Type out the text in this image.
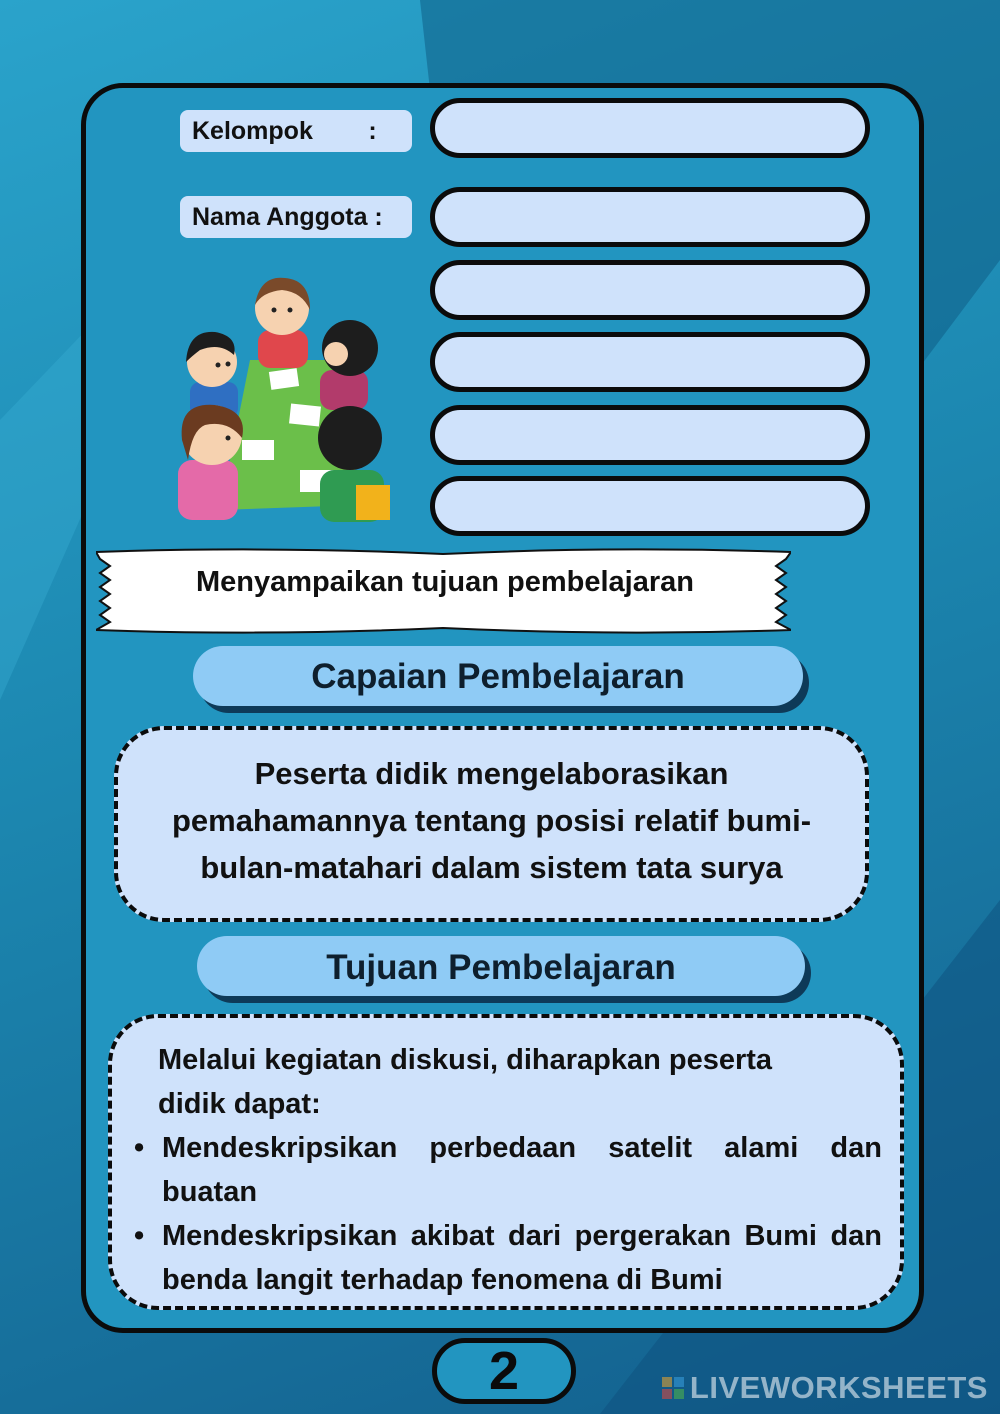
Kelompok        :
Nama Anggota :
Menyampaikan tujuan pembelajaran
Capaian Pembelajaran
Peserta didik mengelaborasikan
pemahamannya tentang posisi relatif bumi-
bulan-matahari dalam sistem tata surya
Tujuan Pembelajaran
Melalui kegiatan diskusi, diharapkan peserta didik dapat:
• Mendeskripsikan perbedaan satelit alami dan buatan
• Mendeskripsikan akibat dari pergerakan Bumi dan benda langit terhadap fenomena di Bumi
2	LIVEWORKSHEETS
